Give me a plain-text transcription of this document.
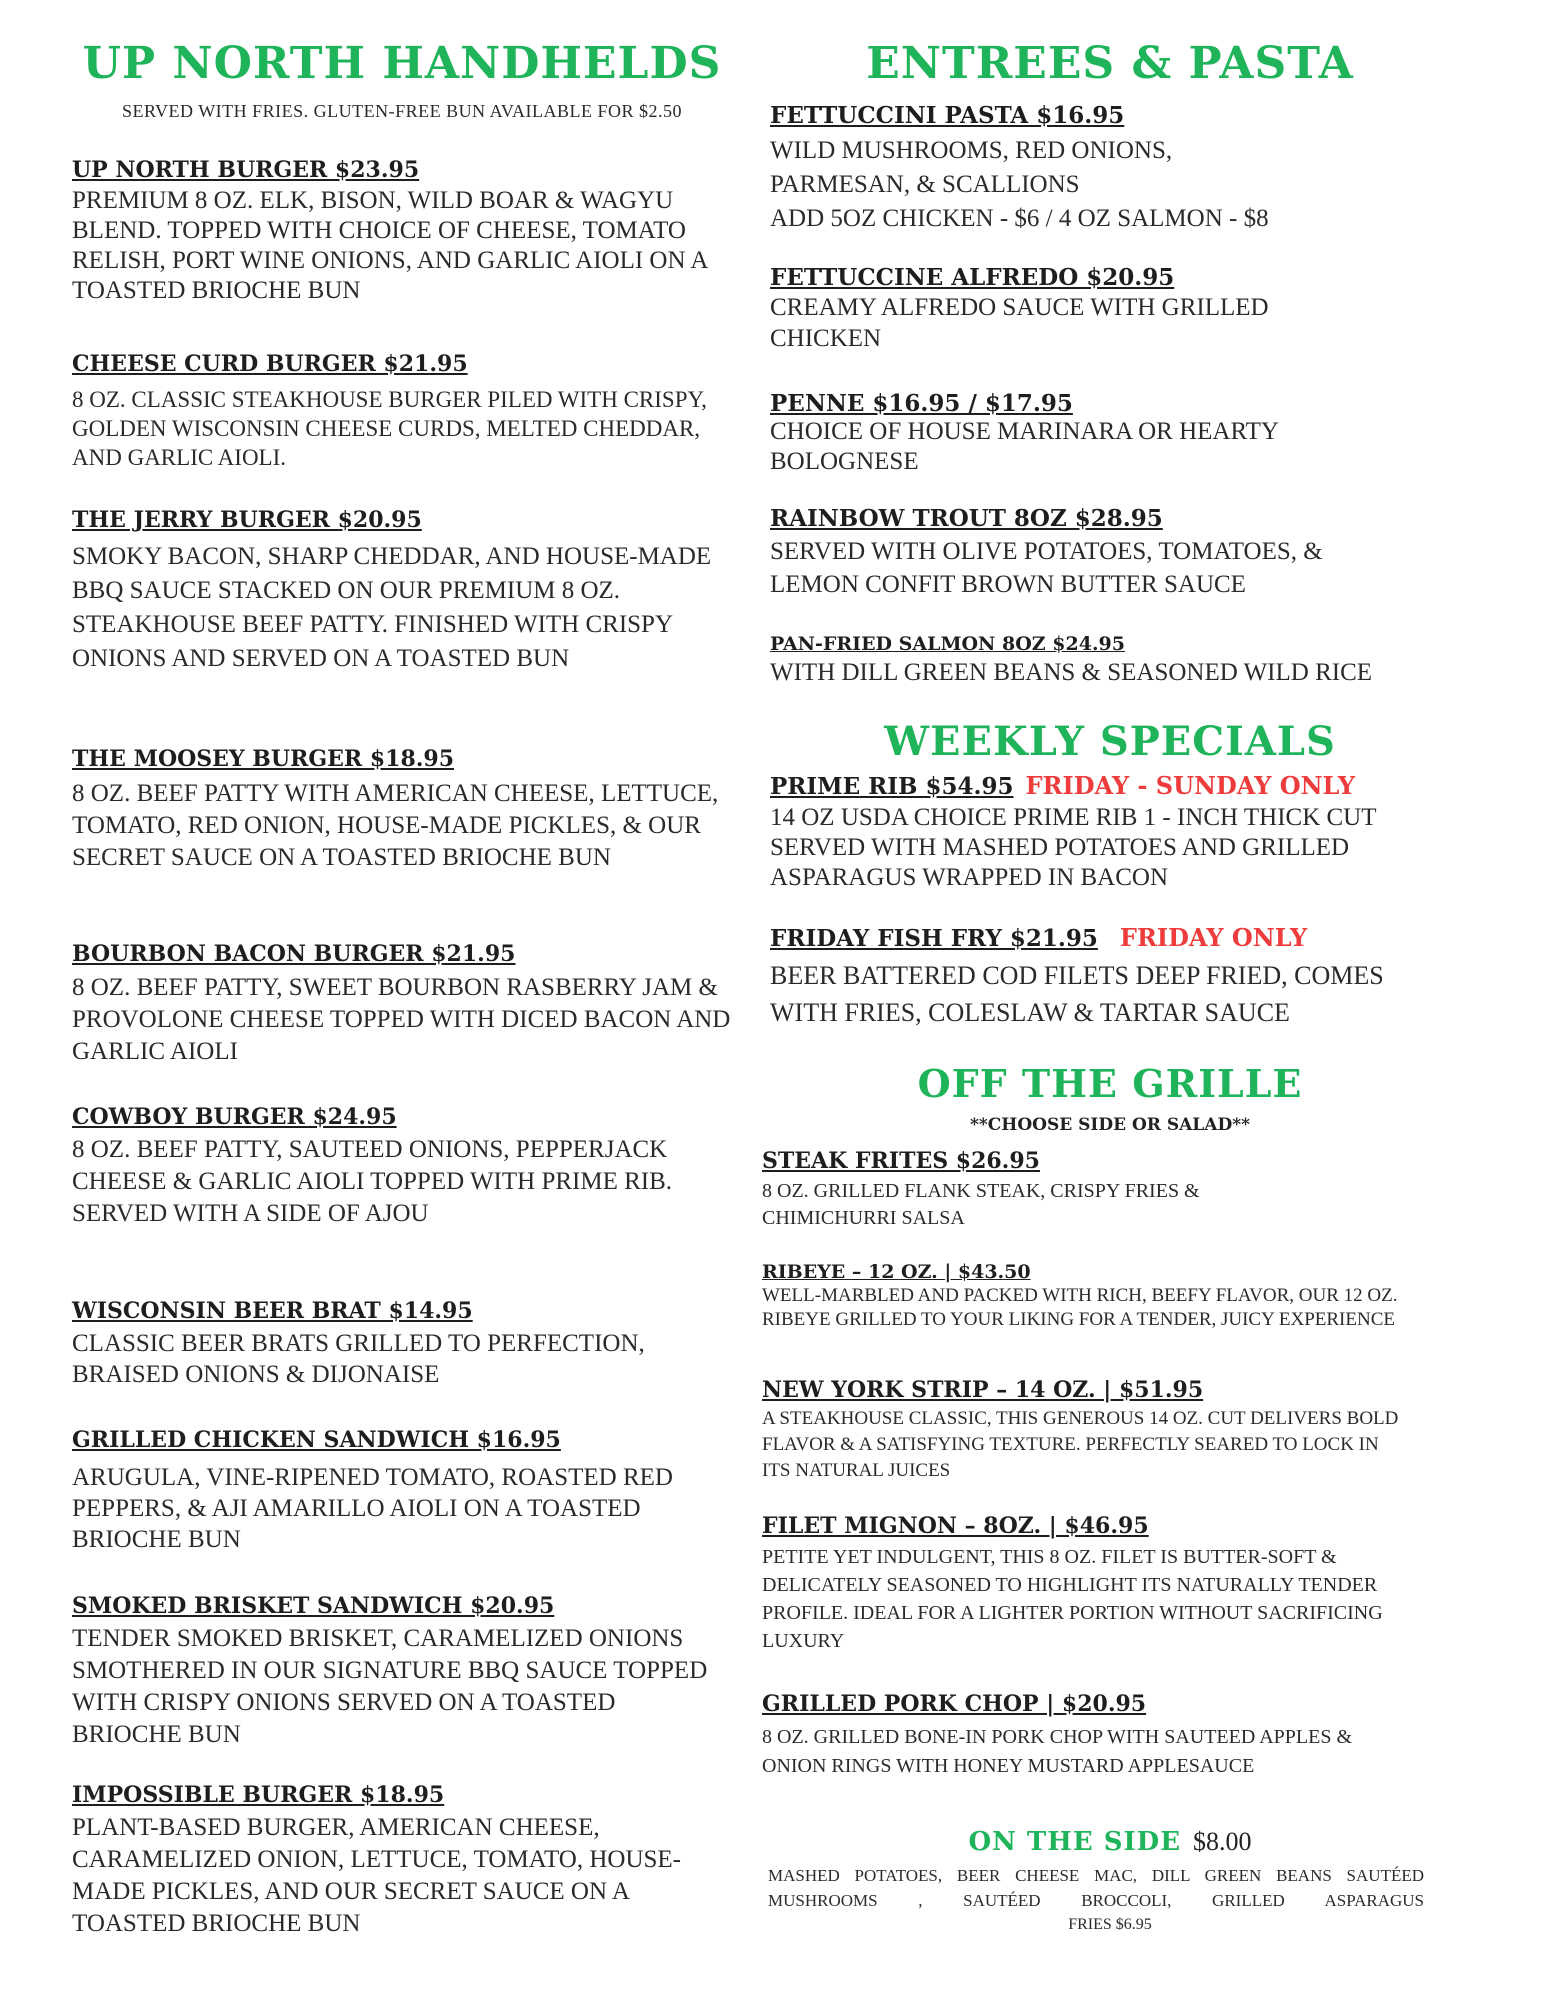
UP NORTH HANDHELDS
SERVED WITH FRIES. GLUTEN-FREE BUN AVAILABLE FOR $2.50
UP NORTH BURGER $23.95
PREMIUM 8 OZ. ELK, BISON, WILD BOAR & WAGYU BLEND. TOPPED WITH CHOICE OF CHEESE, TOMATO RELISH, PORT WINE ONIONS, AND GARLIC AIOLI ON A TOASTED BRIOCHE BUN
CHEESE CURD BURGER $21.95
8 OZ. CLASSIC STEAKHOUSE BURGER PILED WITH CRISPY, GOLDEN WISCONSIN CHEESE CURDS, MELTED CHEDDAR, AND GARLIC AIOLI.
THE JERRY BURGER $20.95
SMOKY BACON, SHARP CHEDDAR, AND HOUSE-MADE BBQ SAUCE STACKED ON OUR PREMIUM 8 OZ. STEAKHOUSE BEEF PATTY. FINISHED WITH CRISPY ONIONS AND SERVED ON A TOASTED BUN
THE MOOSEY BURGER $18.95
8 OZ. BEEF PATTY WITH AMERICAN CHEESE, LETTUCE, TOMATO, RED ONION, HOUSE-MADE PICKLES, & OUR SECRET SAUCE ON A TOASTED BRIOCHE BUN
BOURBON BACON BURGER $21.95
8 OZ. BEEF PATTY, SWEET BOURBON RASBERRY JAM & PROVOLONE CHEESE TOPPED WITH DICED BACON AND GARLIC AIOLI
COWBOY BURGER $24.95
8 OZ. BEEF PATTY, SAUTEED ONIONS, PEPPERJACK CHEESE & GARLIC AIOLI TOPPED WITH PRIME RIB. SERVED WITH A SIDE OF AJOU
WISCONSIN BEER BRAT $14.95
CLASSIC BEER BRATS GRILLED TO PERFECTION, BRAISED ONIONS & DIJONAISE
GRILLED CHICKEN SANDWICH $16.95
ARUGULA, VINE-RIPENED TOMATO, ROASTED RED PEPPERS, & AJI AMARILLO AIOLI ON A TOASTED BRIOCHE BUN
SMOKED BRISKET SANDWICH $20.95
TENDER SMOKED BRISKET, CARAMELIZED ONIONS SMOTHERED IN OUR SIGNATURE BBQ SAUCE TOPPED WITH CRISPY ONIONS SERVED ON A TOASTED BRIOCHE BUN
IMPOSSIBLE BURGER $18.95
PLANT-BASED BURGER, AMERICAN CHEESE, CARAMELIZED ONION, LETTUCE, TOMATO, HOUSE-MADE PICKLES, AND OUR SECRET SAUCE ON A TOASTED BRIOCHE BUN
ENTREES & PASTA
FETTUCCINI PASTA $16.95
WILD MUSHROOMS, RED ONIONS, PARMESAN, & SCALLIONS
ADD 5OZ CHICKEN - $6 / 4 OZ SALMON - $8
FETTUCCINE ALFREDO $20.95
CREAMY ALFREDO SAUCE WITH GRILLED CHICKEN
PENNE $16.95 / $17.95
CHOICE OF HOUSE MARINARA OR HEARTY BOLOGNESE
RAINBOW TROUT 8OZ $28.95
SERVED WITH OLIVE POTATOES, TOMATOES, & LEMON CONFIT BROWN BUTTER SAUCE
PAN-FRIED SALMON 8OZ $24.95
WITH DILL GREEN BEANS & SEASONED WILD RICE
WEEKLY SPECIALS
PRIME RIB $54.95 FRIDAY - SUNDAY ONLY
14 OZ USDA CHOICE PRIME RIB 1 - INCH THICK CUT SERVED WITH MASHED POTATOES AND GRILLED ASPARAGUS WRAPPED IN BACON
FRIDAY FISH FRY $21.95 FRIDAY ONLY
BEER BATTERED COD FILETS DEEP FRIED, COMES WITH FRIES, COLESLAW & TARTAR SAUCE
OFF THE GRILLE
**CHOOSE SIDE OR SALAD**
STEAK FRITES $26.95
8 OZ. GRILLED FLANK STEAK, CRISPY FRIES & CHIMICHURRI SALSA
RIBEYE – 12 OZ. | $43.50
WELL-MARBLED AND PACKED WITH RICH, BEEFY FLAVOR, OUR 12 OZ. RIBEYE GRILLED TO YOUR LIKING FOR A TENDER, JUICY EXPERIENCE
NEW YORK STRIP – 14 OZ. | $51.95
A STEAKHOUSE CLASSIC, THIS GENEROUS 14 OZ. CUT DELIVERS BOLD FLAVOR & A SATISFYING TEXTURE. PERFECTLY SEARED TO LOCK IN ITS NATURAL JUICES
FILET MIGNON – 8OZ. | $46.95
PETITE YET INDULGENT, THIS 8 OZ. FILET IS BUTTER-SOFT & DELICATELY SEASONED TO HIGHLIGHT ITS NATURALLY TENDER PROFILE. IDEAL FOR A LIGHTER PORTION WITHOUT SACRIFICING LUXURY
GRILLED PORK CHOP | $20.95
8 OZ. GRILLED BONE-IN PORK CHOP WITH SAUTEED APPLES & ONION RINGS WITH HONEY MUSTARD APPLESAUCE
ON THE SIDE $8.00
MASHED POTATOES, BEER CHEESE MAC, DILL GREEN BEANS SAUTÉED MUSHROOMS , SAUTÉED BROCCOLI, GRILLED ASPARAGUS
FRIES $6.95
